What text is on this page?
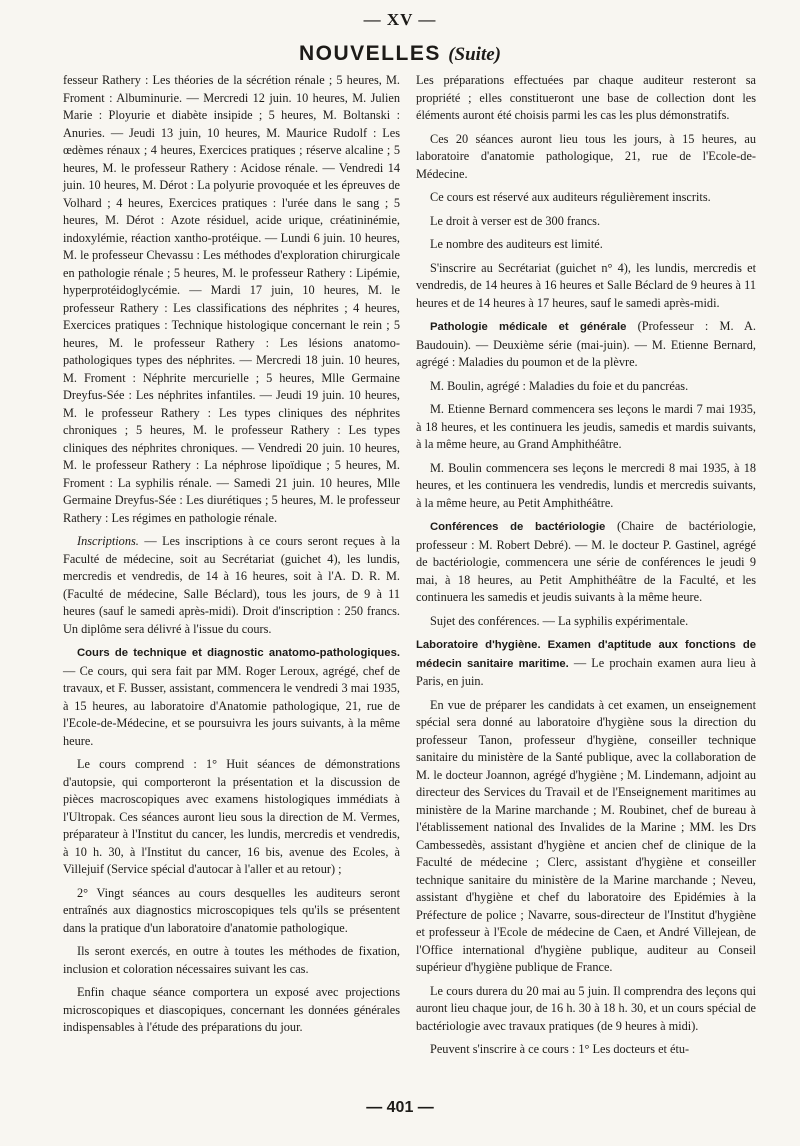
— XV —
NOUVELLES (Suite)

fesseur Rathery : Les théories de la sécrétion rénale ; 5 heures, M. Froment : Albuminurie. — Mercredi 12 juin. 10 heures, M. Julien Marie : Ployurie et diabète insipide ; 5 heures, M. Boltanski : Anuries. — Jeudi 13 juin, 10 heures, M. Maurice Rudolf : Les œdèmes rénaux ; 4 heures, Exercices pratiques ; réserve alcaline ; 5 heures, M. le professeur Rathery : Acidose rénale. — Vendredi 14 juin. 10 heures, M. Dérot : La polyurie provoquée et les épreuves de Volhard ; 4 heures, Exercices pratiques : l'urée dans le sang ; 5 heures, M. Dérot : Azote résiduel, acide urique, créatininémie, indoxylémie, réaction xantho-protéique. — Lundi 6 juin. 10 heures, M. le professeur Chevassu : Les méthodes d'exploration chirurgicale en pathologie rénale ; 5 heures, M. le professeur Rathery : Lipémie, hyperprotéidoglycémie. — Mardi 17 juin, 10 heures, M. le professeur Rathery : Les classifications des néphrites ; 4 heures, Exercices pratiques : Technique histologique concernant le rein ; 5 heures, M. le professeur Rathery : Les lésions anatomo-pathologiques types des néphrites. — Mercredi 18 juin. 10 heures, M. Froment : Néphrite mercurielle ; 5 heures, Mlle Germaine Dreyfus-Sée : Les néphrites infantiles. — Jeudi 19 juin. 10 heures, M. le professeur Rathery : Les types cliniques des néphrites chroniques ; 5 heures, M. le professeur Rathery : Les types cliniques des néphrites chroniques. — Vendredi 20 juin. 10 heures, M. le professeur Rathery : La néphrose lipoïdique ; 5 heures, M. Froment : La syphilis rénale. — Samedi 21 juin. 10 heures, Mlle Germaine Dreyfus-Sée : Les diurétiques ; 5 heures, M. le professeur Rathery : Les régimes en pathologie rénale.

Inscriptions. — Les inscriptions à ce cours seront reçues à la Faculté de médecine, soit au Secrétariat (guichet 4), les lundis, mercredis et vendredis, de 14 à 16 heures, soit à l'A. D. R. M. (Faculté de médecine, Salle Béclard), tous les jours, de 9 à 11 heures (sauf le samedi après-midi). Droit d'inscription : 250 francs. Un diplôme sera délivré à l'issue du cours.

Cours de technique et diagnostic anatomo-pathologiques. — Ce cours, qui sera fait par MM. Roger Leroux, agrégé, chef de travaux, et F. Busser, assistant, commencera le vendredi 3 mai 1935, à 15 heures, au laboratoire d'Anatomie pathologique, 21, rue de l'Ecole-de-Médecine, et se poursuivra les jours suivants, à la même heure.

Le cours comprend : 1° Huit séances de démonstrations d'autopsie, qui comporteront la présentation et la discussion de pièces macroscopiques avec examens histologiques immédiats à l'Ultropak. Ces séances auront lieu sous la direction de M. Vermes, préparateur à l'Institut du cancer, les lundis, mercredis et vendredis, à 10 h. 30, à l'Institut du cancer, 16 bis, avenue des Ecoles, à Villejuif (Service spécial d'autocar à l'aller et au retour) ;

2° Vingt séances au cours desquelles les auditeurs seront entraînés aux diagnostics microscopiques tels qu'ils se présentent dans la pratique d'un laboratoire d'anatomie pathologique.

Ils seront exercés, en outre à toutes les méthodes de fixation, inclusion et coloration nécessaires suivant les cas.

Enfin chaque séance comportera un exposé avec projections microscopiques et diascopiques, concernant les données générales indispensables à l'étude des préparations du jour.

Les préparations effectuées par chaque auditeur resteront sa propriété ; elles constitueront une base de collection dont les éléments auront été choisis parmi les cas les plus démonstratifs.

Ces 20 séances auront lieu tous les jours, à 15 heures, au laboratoire d'anatomie pathologique, 21, rue de l'Ecole-de-Médecine.

Ce cours est réservé aux auditeurs régulièrement inscrits.

Le droit à verser est de 300 francs.

Le nombre des auditeurs est limité.

S'inscrire au Secrétariat (guichet n° 4), les lundis, mercredis et vendredis, de 14 heures à 16 heures et Salle Béclard de 9 heures à 11 heures et de 14 heures à 17 heures, sauf le samedi après-midi.

Pathologie médicale et générale (Professeur : M. A. Baudouin). — Deuxième série (mai-juin). — M. Etienne Bernard, agrégé : Maladies du poumon et de la plèvre.

M. Boulin, agrégé : Maladies du foie et du pancréas.

M. Etienne Bernard commencera ses leçons le mardi 7 mai 1935, à 18 heures, et les continuera les jeudis, samedis et mardis suivants, à la même heure, au Grand Amphithéâtre.

M. Boulin commencera ses leçons le mercredi 8 mai 1935, à 18 heures, et les continuera les vendredis, lundis et mercredis suivants, à la même heure, au Petit Amphithéâtre.

Conférences de bactériologie (Chaire de bactériologie, professeur : M. Robert Debré). — M. le docteur P. Gastinel, agrégé de bactériologie, commencera une série de conférences le jeudi 9 mai, à 18 heures, au Petit Amphithéâtre de la Faculté, et les continuera les samedis et jeudis suivants à la même heure.

Sujet des conférences. — La syphilis expérimentale.

Laboratoire d'hygiène. Examen d'aptitude aux fonctions de médecin sanitaire maritime. — Le prochain examen aura lieu à Paris, en juin.

En vue de préparer les candidats à cet examen, un enseignement spécial sera donné au laboratoire d'hygiène sous la direction du professeur Tanon, professeur d'hygiène, conseiller technique sanitaire du ministère de la Santé publique, avec la collaboration de M. le docteur Joannon, agrégé d'hygiène ; M. Lindemann, adjoint au directeur des Services du Travail et de l'Enseignement maritimes au ministère de la Marine marchande ; M. Roubinet, chef de bureau à l'établissement national des Invalides de la Marine ; MM. les Drs Cambessedès, assistant d'hygiène et ancien chef de clinique de la Faculté de médecine ; Clerc, assistant d'hygiène et conseiller technique sanitaire du ministère de la Marine marchande ; Neveu, assistant d'hygiène et chef du laboratoire des Epidémies à la Préfecture de police ; Navarre, sous-directeur de l'Institut d'hygiène et professeur à l'Ecole de médecine de Caen, et André Villejean, de l'Office international d'hygiène publique, auditeur au Conseil supérieur d'hygiène publique de France.

Le cours durera du 20 mai au 5 juin. Il comprendra des leçons qui auront lieu chaque jour, de 16 h. 30 à 18 h. 30, et un cours spécial de bactériologie avec travaux pratiques (de 9 heures à midi).

Peuvent s'inscrire à ce cours : 1° Les docteurs et étu-

— 401 —
